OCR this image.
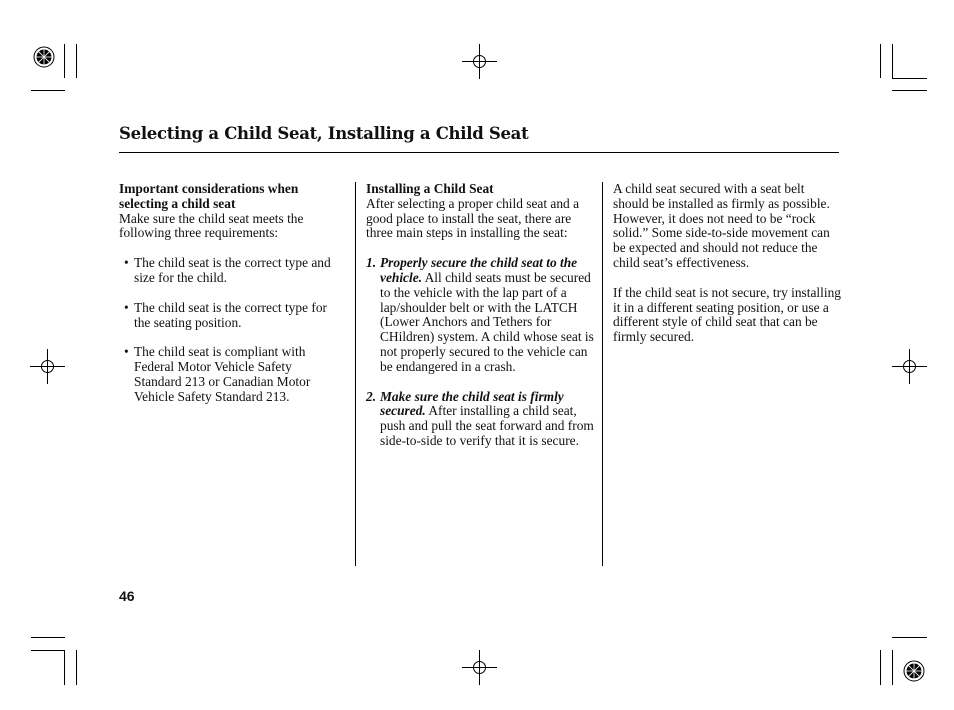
Selecting a Child Seat, Installing a Child Seat

Important considerations when selecting a child seat

Make sure the child seat meets the following three requirements:

• The child seat is the correct type and size for the child.
• The child seat is the correct type for the seating position.
• The child seat is compliant with Federal Motor Vehicle Safety Standard 213 or Canadian Motor Vehicle Safety Standard 213.

Installing a Child Seat

After selecting a proper child seat and a good place to install the seat, there are three main steps in installing the seat:

1. Properly secure the child seat to the vehicle. All child seats must be secured to the vehicle with the lap part of a lap/shoulder belt or with the LATCH (Lower Anchors and Tethers for CHildren) system. A child whose seat is not properly secured to the vehicle can be endangered in a crash.
2. Make sure the child seat is firmly secured. After installing a child seat, push and pull the seat forward and from side-to-side to verify that it is secure.

A child seat secured with a seat belt should be installed as firmly as possible. However, it does not need to be “rock solid.” Some side-to-side movement can be expected and should not reduce the child seat’s effectiveness.

If the child seat is not secure, try installing it in a different seating position, or use a different style of child seat that can be firmly secured.

46
